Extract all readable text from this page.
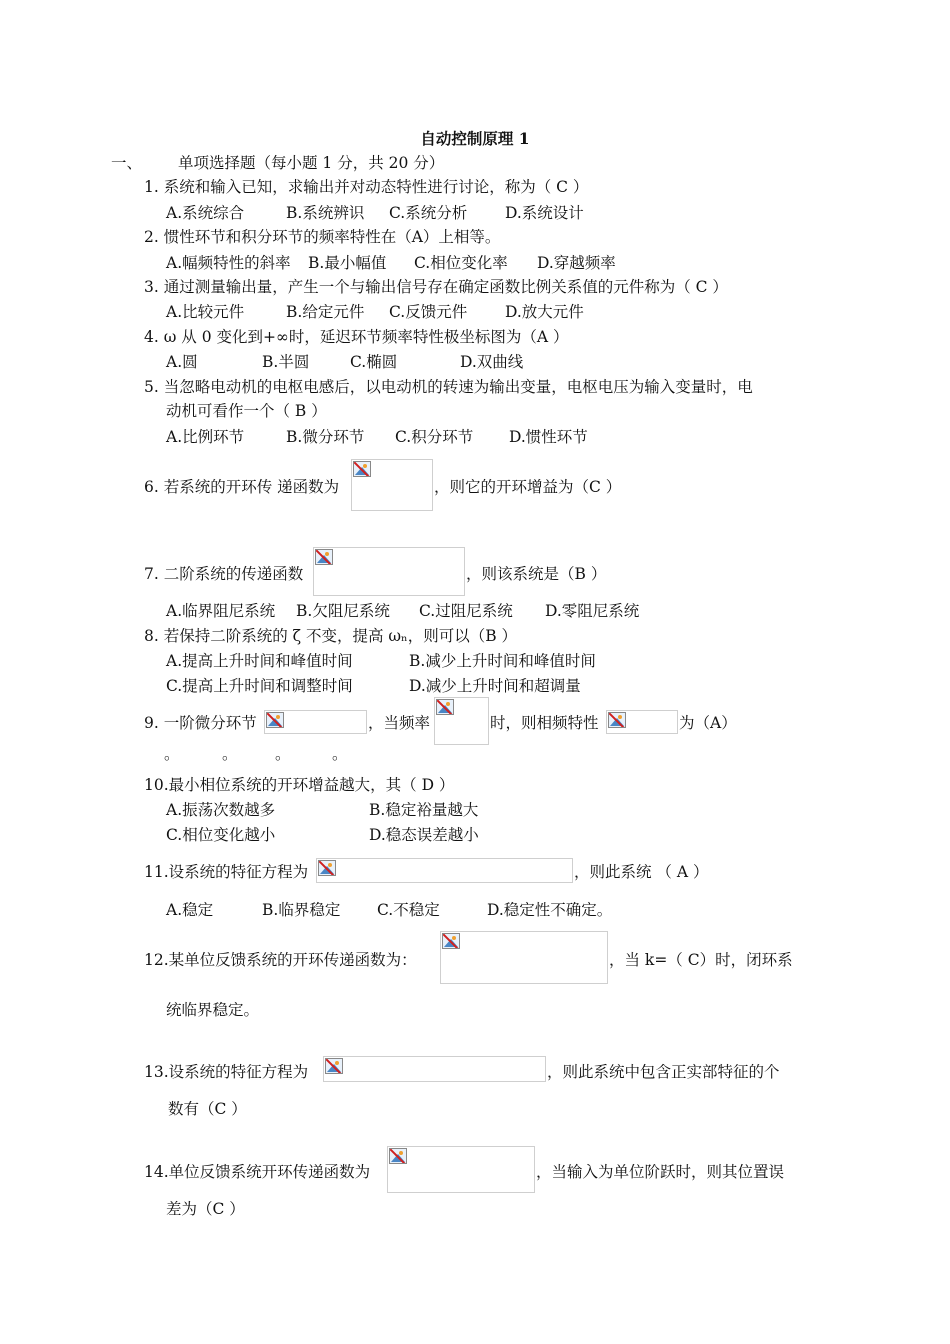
自动控制原理 1
一、 单项选择题（每小题 1 分，共 20 分）
1. 系统和输入已知，求输出并对动态特性进行讨论，称为（ C ）
A.系统综合	B.系统辨识 C.系统分析 D.系统设计
2. 惯性环节和积分环节的频率特性在（A）上相等。
A.幅频特性的斜率 B.最小幅值 C.相位变化率 D.穿越频率
3. 通过测量输出量，产生一个与输出信号存在确定函数比例关系值的元件称为（ C ）
A.比较元件	B.给定元件 C.反馈元件 D.放大元件
4. ω 从 0 变化到+∞时，延迟环节频率特性极坐标图为（A ）
A.圆	B.半圆	C.椭圆	D.双曲线
5. 当忽略电动机的电枢电感后，以电动机的转速为输出变量，电枢电压为输入变量时，电
动机可看作一个（ B ）
A.比例环节	B.微分环节 C.积分环节 D.惯性环节
6. 若系统的开环传 递函数为	，则它的开环增益为（C ）
7. 二阶系统的传递函数	，则该系统是（B ）
A.临界阻尼系统 B.欠阻尼系统 C.过阻尼系统 D.零阻尼系统
8. 若保持二阶系统的 ζ 不变，提高 ωₙ，则可以（B ）
A.提高上升时间和峰值时间	B.减少上升时间和峰值时间
C.提高上升时间和调整时间	D.减少上升时间和超调量
9. 一阶微分环节	，当频率	时，则相频特性	为（A）
。	。 。	。
10.最小相位系统的开环增益越大，其（ D ）
A.振荡次数越多	B.稳定裕量越大
C.相位变化越小	D.稳态误差越小
11.设系统的特征方程为	，则此系统 （ A ）
A.稳定	B.临界稳定 C.不稳定	D.稳定性不确定。
12.某单位反馈系统的开环传递函数为：	，当 k=（ C）时，闭环系
统临界稳定。
13.设系统的特征方程为	，则此系统中包含正实部特征的个
数有（C ）
14.单位反馈系统开环传递函数为	，当输入为单位阶跃时，则其位置误
差为（C ）
